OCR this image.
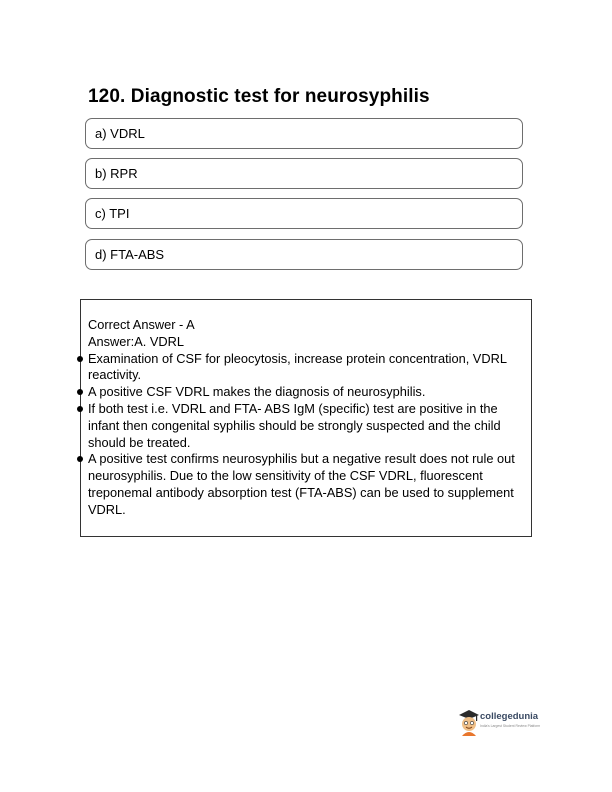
120. Diagnostic test for neurosyphilis
a) VDRL
b) RPR
c) TPI
d) FTA-ABS

Correct Answer - A

Answer:A. VDRL

Examination of CSF for pleocytosis, increase protein concentration, VDRL reactivity.
A positive CSF VDRL makes the diagnosis of neurosyphilis.
If both test i.e. VDRL and FTA- ABS IgM (specific) test are positive in the infant then congenital syphilis should be strongly suspected and the child should be treated.
A positive test confirms neurosyphilis but a negative result does not rule out neurosyphilis. Due to the low sensitivity of the CSF VDRL, fluorescent treponemal antibody absorption test (FTA-ABS) can be used to supplement VDRL.
collegedunia
India's Largest Student Review Platform
